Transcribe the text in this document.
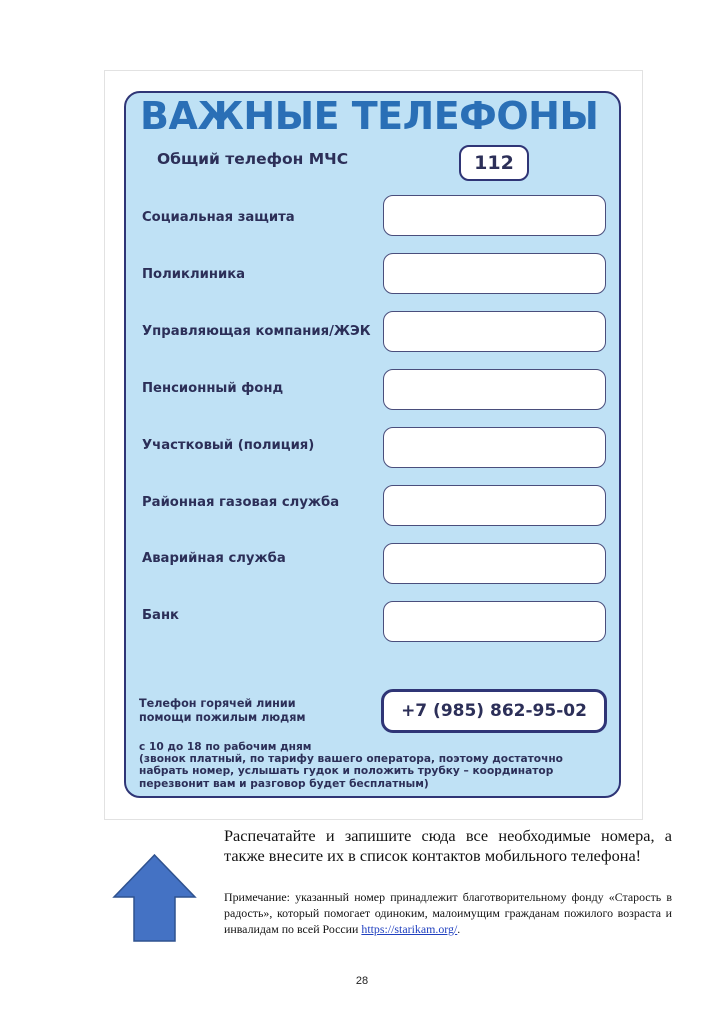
ВАЖНЫЕ ТЕЛЕФОНЫ
Общий телефон МЧС	112
Социальная защита
Поликлиника
Управляющая компания/ЖЭК
Пенсионный фонд
Участковый (полиция)
Районная газовая служба
Аварийная служба
Банк
Телефон горячей линии
помощи пожилым людям	+7 (985) 862-95-02
с 10 до 18 по рабочим дням
(звонок платный, по тарифу вашего оператора, поэтому достаточно
набрать номер, услышать гудок и положить трубку – координатор
перезвонит вам и разговор будет бесплатным)

Распечатайте и запишите сюда все необходимые номера, а также внесите их в список контактов мобильного телефона!

Примечание: указанный номер принадлежит благотворительному фонду «Старость в радость», который помогает одиноким, малоимущим гражданам пожилого возраста и инвалидам по всей России https://starikam.org/.

28
